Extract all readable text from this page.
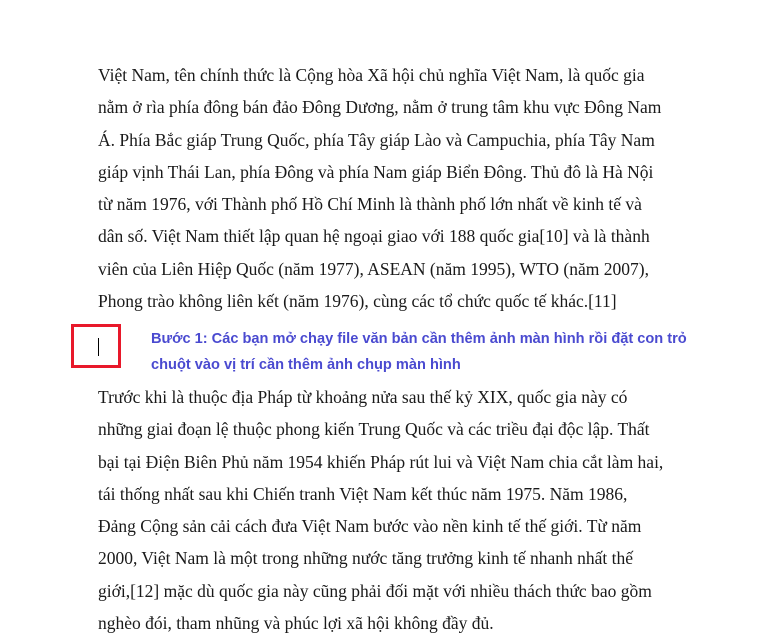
Việt Nam, tên chính thức là Cộng hòa Xã hội chủ nghĩa Việt Nam, là quốc gia
nằm ở rìa phía đông bán đảo Đông Dương, nằm ở trung tâm khu vực Đông Nam
Á. Phía Bắc giáp Trung Quốc, phía Tây giáp Lào và Campuchia, phía Tây Nam
giáp vịnh Thái Lan, phía Đông và phía Nam giáp Biển Đông. Thủ đô là Hà Nội
từ năm 1976, với Thành phố Hồ Chí Minh là thành phố lớn nhất về kinh tế và
dân số. Việt Nam thiết lập quan hệ ngoại giao với 188 quốc gia[10] và là thành
viên của Liên Hiệp Quốc (năm 1977), ASEAN (năm 1995), WTO (năm 2007),
Phong trào không liên kết (năm 1976), cùng các tổ chức quốc tế khác.[11]

Bước 1: Các bạn mở chạy file văn bản cần thêm ảnh màn hình rồi đặt con trỏ
chuột vào vị trí cần thêm ảnh chụp màn hình

Trước khi là thuộc địa Pháp từ khoảng nửa sau thế kỷ XIX, quốc gia này có
những giai đoạn lệ thuộc phong kiến Trung Quốc và các triều đại độc lập. Thất
bại tại Điện Biên Phủ năm 1954 khiến Pháp rút lui và Việt Nam chia cắt làm hai,
tái thống nhất sau khi Chiến tranh Việt Nam kết thúc năm 1975. Năm 1986,
Đảng Cộng sản cải cách đưa Việt Nam bước vào nền kinh tế thế giới. Từ năm
2000, Việt Nam là một trong những nước tăng trưởng kinh tế nhanh nhất thế
giới,[12] mặc dù quốc gia này cũng phải đối mặt với nhiều thách thức bao gồm
nghèo đói, tham nhũng và phúc lợi xã hội không đầy đủ.
